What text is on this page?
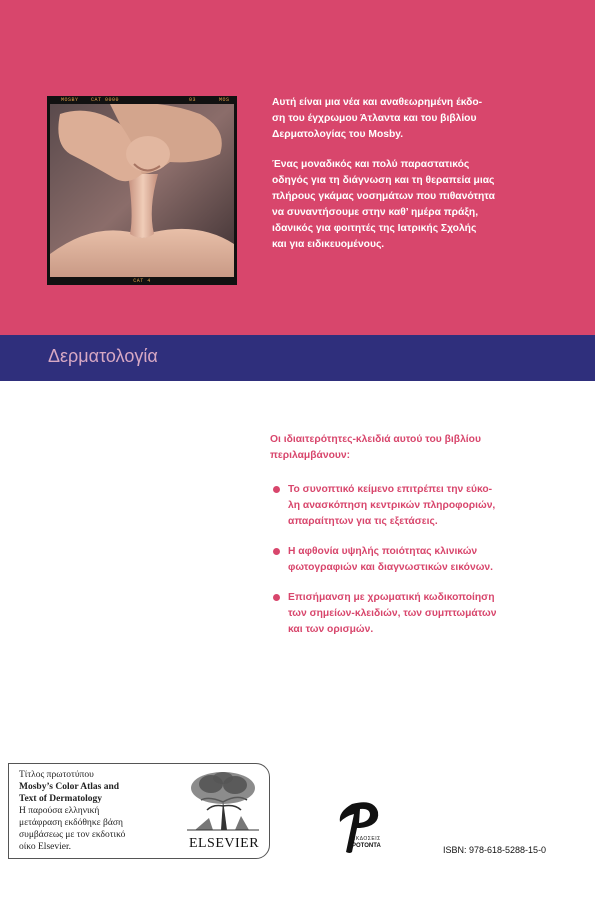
MOSBY CAT 0000	03	MOS
CAT 4

Αυτή είναι μια νέα και αναθεωρημένη έκδο-
ση του έγχρωμου Άτλαντα και του βιβλίου
Δερματολογίας του Mosby.

Ένας μοναδικός και πολύ παραστατικός
οδηγός για τη διάγνωση και τη θεραπεία μιας
πλήρους γκάμας νοσημάτων που πιθανότητα
να συναντήσουμε στην καθ’ ημέρα πράξη,
ιδανικός για φοιτητές της Ιατρικής Σχολής
και για ειδικευομένους.

Δερματολογία

Οι ιδιαιτερότητες-κλειδιά αυτού του βιβλίου
περιλαμβάνουν:

Το συνοπτικό κείμενο επιτρέπει την εύκο-
λη ανασκόπηση κεντρικών πληροφοριών,
απαραίτητων για τις εξετάσεις.
Η αφθονία υψηλής ποιότητας κλινικών
φωτογραφιών και διαγνωστικών εικόνων.
Επισήμανση με χρωματική κωδικοποίηση
των σημείων-κλειδιών, των συμπτωμάτων
και των ορισμών.
Τίτλος πρωτοτύπου
Mosby’s Color Atlas and
Text of Dermatology
Η παρούσα ελληνική
μετάφραση εκδόθηκε βάση
συμβάσεως με τον εκδοτικό
οίκο Elsevier.	ELSEVIER	ΕΚΔΟΣΕΙΣ
ΡΟΤΟΝΤΑ	ISBN: 978-618-5288-15-0
